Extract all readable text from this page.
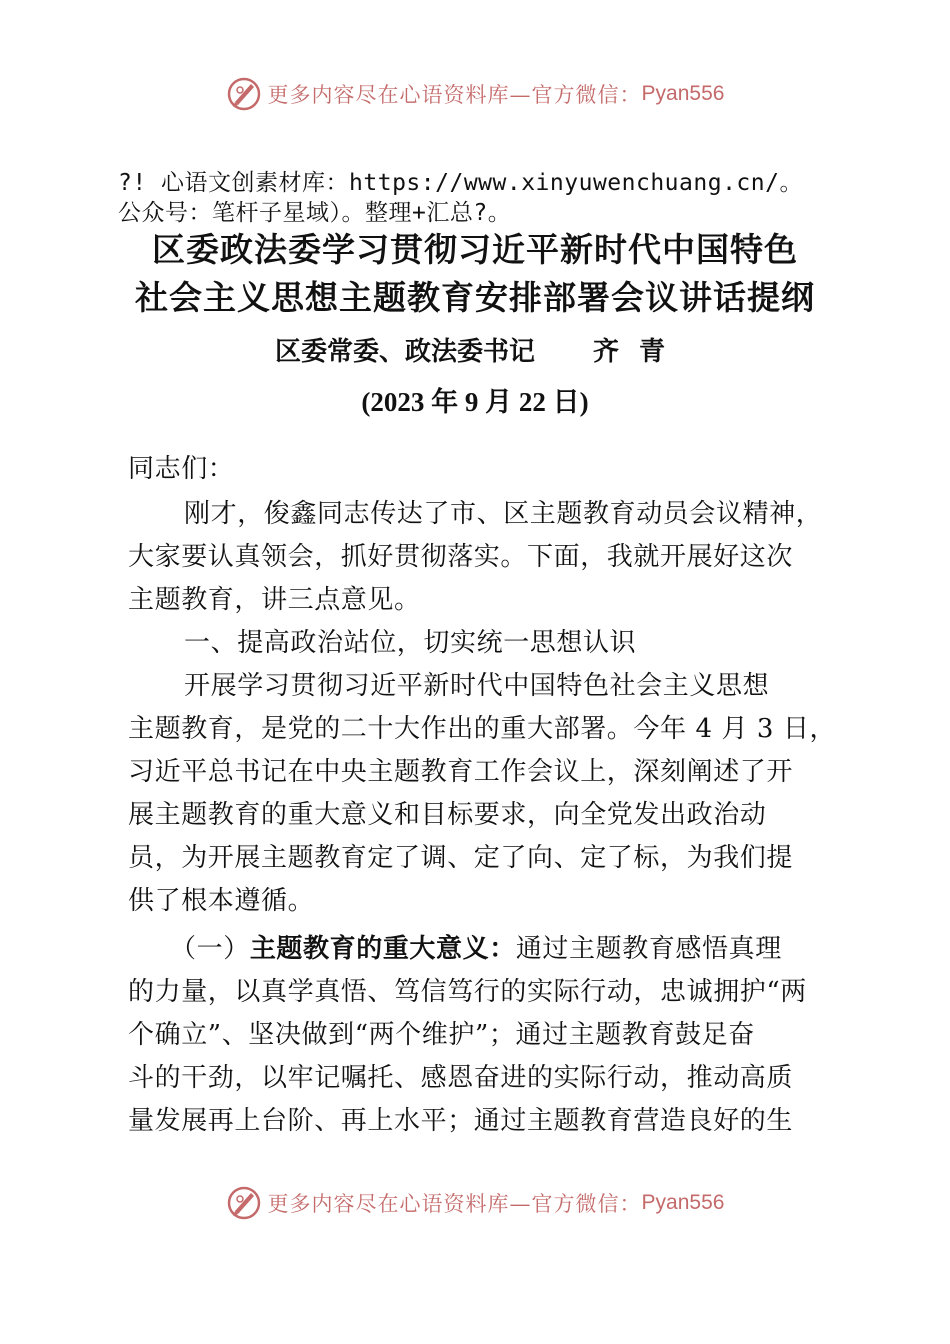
更多内容尽在心语资料库—官方微信： Pyan556
?! 心语文创素材库：https://www.xinyuwenchuang.cn/。
公众号：笔杆子星域）。整理+汇总?。
区委政法委学习贯彻习近平新时代中国特色
社会主义思想主题教育安排部署会议讲话提纲
区委常委、政法委书记 齐 青
(2023 年 9 月 22 日)
同志们：
刚才，俊鑫同志传达了市、区主题教育动员会议精神，
大家要认真领会，抓好贯彻落实。下面，我就开展好这次
主题教育，讲三点意见。
一、提高政治站位，切实统一思想认识
开展学习贯彻习近平新时代中国特色社会主义思想
主题教育，是党的二十大作出的重大部署。今年 4 月 3 日，
习近平总书记在中央主题教育工作会议上，深刻阐述了开
展主题教育的重大意义和目标要求，向全党发出政治动
员，为开展主题教育定了调、定了向、定了标，为我们提
供了根本遵循。
（一）主题教育的重大意义：通过主题教育感悟真理
的力量，以真学真悟、笃信笃行的实际行动，忠诚拥护“两
个确立”、坚决做到“两个维护”；通过主题教育鼓足奋
斗的干劲，以牢记嘱托、感恩奋进的实际行动，推动高质
量发展再上台阶、再上水平；通过主题教育营造良好的生
更多内容尽在心语资料库—官方微信： Pyan556
